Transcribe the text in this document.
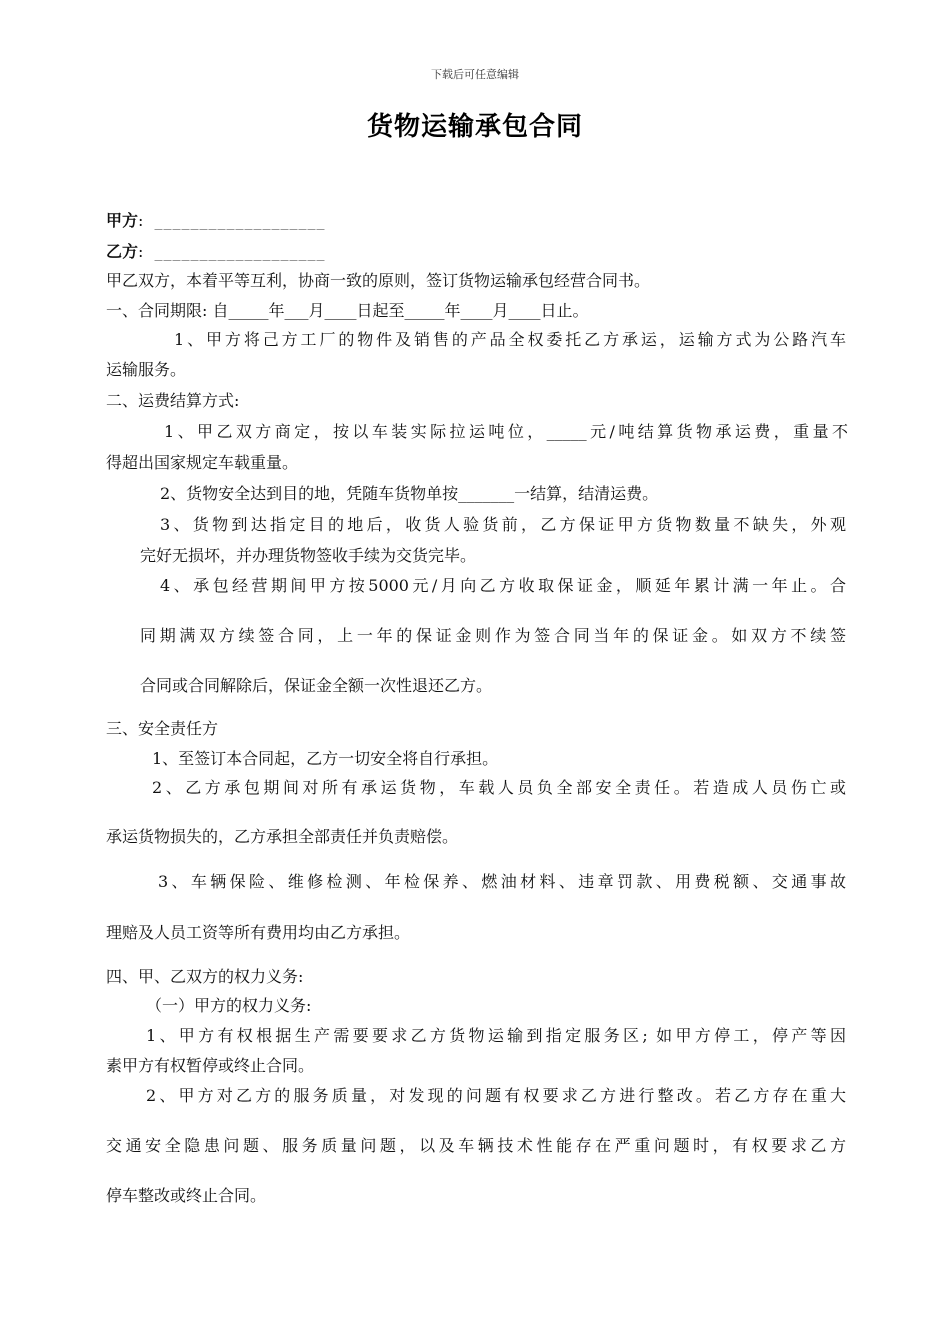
下载后可任意编辑
货物运输承包合同
甲方: ___________________
乙方: ___________________
甲乙双方，本着平等互利，协商一致的原则，签订货物运输承包经营合同书。
一、合同期限: 自_____年___月____日起至_____年____月____日止。
1、甲方将己方工厂的物件及销售的产品全权委托乙方承运，运输方式为公路汽车
运输服务。
二、运费结算方式:
1、甲乙双方商定，按以车装实际拉运吨位，_____元/吨结算货物承运费，重量不
得超出国家规定车载重量。
2、货物安全达到目的地，凭随车货物单按_______一结算，结清运费。
3、货物到达指定目的地后，收货人验货前，乙方保证甲方货物数量不缺失，外观
完好无损坏，并办理货物签收手续为交货完毕。
4、承包经营期间甲方按5000元/月向乙方收取保证金，顺延年累计满一年止。合
同期满双方续签合同，上一年的保证金则作为签合同当年的保证金。如双方不续签
合同或合同解除后，保证金全额一次性退还乙方。
三、安全责任方
1、至签订本合同起，乙方一切安全将自行承担。
2、乙方承包期间对所有承运货物，车载人员负全部安全责任。若造成人员伤亡或
承运货物损失的，乙方承担全部责任并负责赔偿。
3、车辆保险、维修检测、年检保养、燃油材料、违章罚款、用费税额、交通事故
理赔及人员工资等所有费用均由乙方承担。
四、甲、乙双方的权力义务:
（一）甲方的权力义务:
1、甲方有权根据生产需要要求乙方货物运输到指定服务区; 如甲方停工，停产等因
素甲方有权暂停或终止合同。
2、甲方对乙方的服务质量，对发现的问题有权要求乙方进行整改。若乙方存在重大
交通安全隐患问题、服务质量问题，以及车辆技术性能存在严重问题时，有权要求乙方
停车整改或终止合同。
